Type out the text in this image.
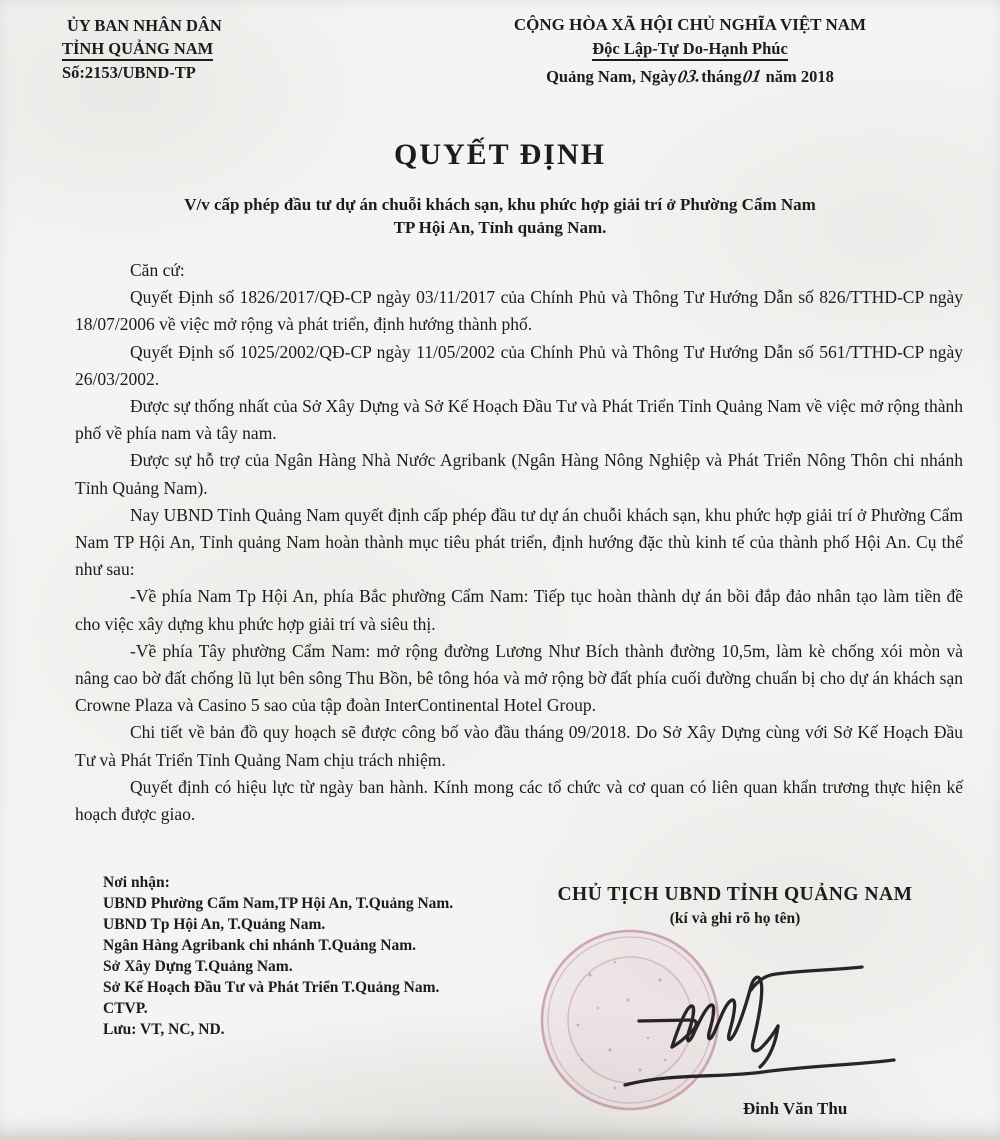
ỦY BAN NHÂN DÂN
TỈNH QUẢNG NAM
Số:2153/UBND-TP
CỘNG HÒA XÃ HỘI CHỦ NGHĨA VIỆT NAM
Độc Lập-Tự Do-Hạnh Phúc
Quảng Nam, Ngày03.tháng01 năm 2018
QUYẾT ĐỊNH
V/v cấp phép đầu tư dự án chuỗi khách sạn, khu phức hợp giải trí ở Phường Cẩm Nam
TP Hội An, Tỉnh quảng Nam.

Căn cứ:

Quyết Định số 1826/2017/QĐ-CP ngày 03/11/2017 của Chính Phủ và Thông Tư Hướng Dẫn số 826/TTHD-CP ngày 18/07/2006 về việc mở rộng và phát triển, định hướng thành phố.

Quyết Định số 1025/2002/QĐ-CP ngày 11/05/2002 của Chính Phủ và Thông Tư Hướng Dẫn số 561/TTHD-CP ngày 26/03/2002.

Được sự thống nhất của Sở Xây Dựng và Sở Kế Hoạch Đầu Tư và Phát Triển Tỉnh Quảng Nam về việc mở rộng thành phố về phía nam và tây nam.

Được sự hỗ trợ của Ngân Hàng Nhà Nước Agribank (Ngân Hàng Nông Nghiệp và Phát Triển Nông Thôn chi nhánh Tỉnh Quảng Nam).

Nay UBND Tỉnh Quảng Nam quyết định cấp phép đầu tư dự án chuỗi khách sạn, khu phức hợp giải trí ở Phường Cẩm Nam TP Hội An, Tỉnh quảng Nam hoàn thành mục tiêu phát triển, định hướng đặc thù kinh tế của thành phố Hội An. Cụ thể như sau:

-Về phía Nam Tp Hội An, phía Bắc phường Cẩm Nam: Tiếp tục hoàn thành dự án bồi đắp đảo nhân tạo làm tiền đề cho việc xây dựng khu phức hợp giải trí và siêu thị.

-Về phía Tây phường Cẩm Nam: mở rộng đường Lương Như Bích thành đường 10,5m, làm kè chống xói mòn và nâng cao bờ đất chống lũ lụt bên sông Thu Bồn, bê tông hóa và mở rộng bờ đất phía cuối đường chuẩn bị cho dự án khách sạn Crowne Plaza và Casino 5 sao của tập đoàn InterContinental Hotel Group.

Chi tiết về bản đồ quy hoạch sẽ được công bố vào đầu tháng 09/2018. Do Sở Xây Dựng cùng với Sở Kế Hoạch Đầu Tư và Phát Triển Tỉnh Quảng Nam chịu trách nhiệm.

Quyết định có hiệu lực từ ngày ban hành. Kính mong các tổ chức và cơ quan có liên quan khẩn trương thực hiện kế hoạch được giao.

Nơi nhận:
UBND Phường Cẩm Nam,TP Hội An, T.Quảng Nam.
UBND Tp Hội An, T.Quảng Nam.
Ngân Hàng Agribank chi nhánh T.Quảng Nam.
Sở Xây Dựng T.Quảng Nam.
Sở Kế Hoạch Đầu Tư và Phát Triển T.Quảng Nam.
CTVP.
Lưu: VT, NC, ND.
CHỦ TỊCH UBND TỈNH QUẢNG NAM
(kí và ghi rõ họ tên)
Đinh Văn Thu
